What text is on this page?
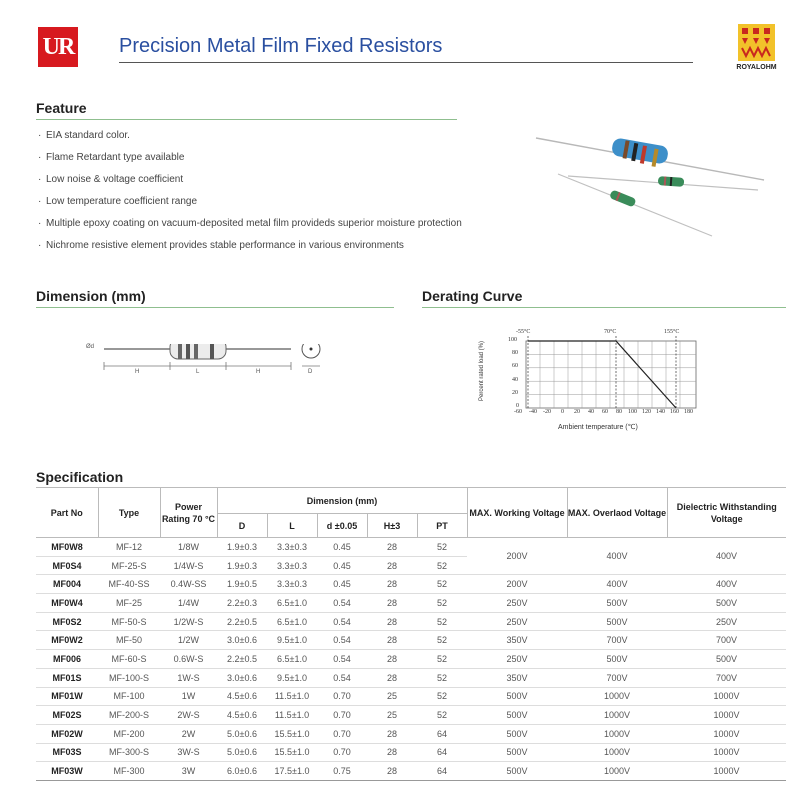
UR Precision Metal Film Fixed Resistors
ROYALOHM
Feature
· EIA standard color.
· Flame Retardant type available
· Low noise & voltage coefficient
· Low temperature coefficient range
· Multiple epoxy coating on vacuum-deposited metal film provideds superior moisture protection
· Nichrome resistive element provides stable performance in various environments
Dimension (mm)
Ød
H	L	H	D
Derating Curve
-55°C	70°C	155°C
100
80
60
40
20
0
-60 -40 -20 0 20 40 60 80 100 120 140 160 180
Ambient temperature (℃)
Percent rated load (%)
Specification
Part No	Type	Power Rating 70 °C	Dimension (mm)					MAX. Working Voltage	MAX. Overlaod Voltage	Dielectric Withstanding Voltage
			D	L	d ±0.05	H±3	PT			
MF0W8	MF-12	1/8W	1.9±0.3	3.3±0.3	0.45	28	52	200V	400V	400V
MF0S4	MF-25-S	1/4W-S	1.9±0.3	3.3±0.3	0.45	28	52			
MF004	MF-40-SS	0.4W-SS	1.9±0.5	3.3±0.3	0.45	28	52	200V	400V	400V
MF0W4	MF-25	1/4W	2.2±0.3	6.5±1.0	0.54	28	52	250V	500V	500V
MF0S2	MF-50-S	1/2W-S	2.2±0.5	6.5±1.0	0.54	28	52	250V	500V	250V
MF0W2	MF-50	1/2W	3.0±0.6	9.5±1.0	0.54	28	52	350V	700V	700V
MF006	MF-60-S	0.6W-S	2.2±0.5	6.5±1.0	0.54	28	52	250V	500V	500V
MF01S	MF-100-S	1W-S	3.0±0.6	9.5±1.0	0.54	28	52	350V	700V	700V
MF01W	MF-100	1W	4.5±0.6	11.5±1.0	0.70	25	52	500V	1000V	1000V
MF02S	MF-200-S	2W-S	4.5±0.6	11.5±1.0	0.70	25	52	500V	1000V	1000V
MF02W	MF-200	2W	5.0±0.6	15.5±1.0	0.70	28	64	500V	1000V	1000V
MF03S	MF-300-S	3W-S	5.0±0.6	15.5±1.0	0.70	28	64	500V	1000V	1000V
MF03W	MF-300	3W	6.0±0.6	17.5±1.0	0.75	28	64	500V	1000V	1000V
